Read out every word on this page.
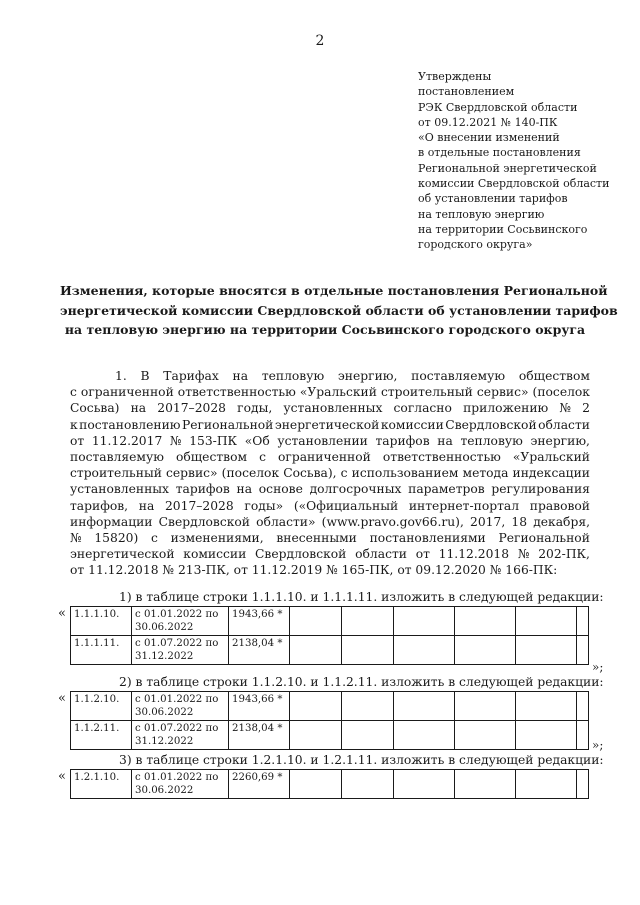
2
Утверждены
постановлением
РЭК Свердловской области
от 09.12.2021 № 140-ПК
«О внесении изменений
в отдельные постановления
Региональной энергетической
комиссии Свердловской области
об установлении тарифов
на тепловую энергию
на территории Сосьвинского
городского округа»
Изменения, которые вносятся в отдельные постановления Региональной
энергетической комиссии Свердловской области об установлении тарифов
на тепловую энергию на территории Сосьвинского городского округа
1. В Тарифах на тепловую энергию, поставляемую обществом
с ограниченной ответственностью «Уральский строительный сервис» (поселок
Сосьва) на 2017–2028 годы, установленных согласно приложению № 2
к постановлению Региональной энергетической комиссии Свердловской области
от 11.12.2017 № 153-ПК «Об установлении тарифов на тепловую энергию,
поставляемую обществом с ограниченной ответственностью «Уральский
строительный сервис» (поселок Сосьва), с использованием метода индексации
установленных тарифов на основе долгосрочных параметров регулирования
тарифов, на 2017–2028 годы» («Официальный интернет-портал правовой
информации Свердловской области» (www.pravo.gov66.ru), 2017, 18 декабря,
№ 15820) с изменениями, внесенными постановлениями Региональной
энергетической комиссии Свердловской области от 11.12.2018 № 202-ПК,
от 11.12.2018 № 213-ПК, от 11.12.2019 № 165-ПК, от 09.12.2020 № 166-ПК:
1) в таблице строки 1.1.1.10. и 1.1.1.11. изложить в следующей редакции:
« 1.1.1.10.	с 01.01.2022 по 30.06.2022	1943,66 *						
1.1.1.11.	с 01.07.2022 по 31.12.2022	2138,04 *						
»;
2) в таблице строки 1.1.2.10. и 1.1.2.11. изложить в следующей редакции:
« 1.1.2.10.	с 01.01.2022 по 30.06.2022	1943,66 *						
1.1.2.11.	с 01.07.2022 по 31.12.2022	2138,04 *						
»;
3) в таблице строки 1.2.1.10. и 1.2.1.11. изложить в следующей редакции:
« 1.2.1.10.	с 01.01.2022 по 30.06.2022	2260,69 *						
